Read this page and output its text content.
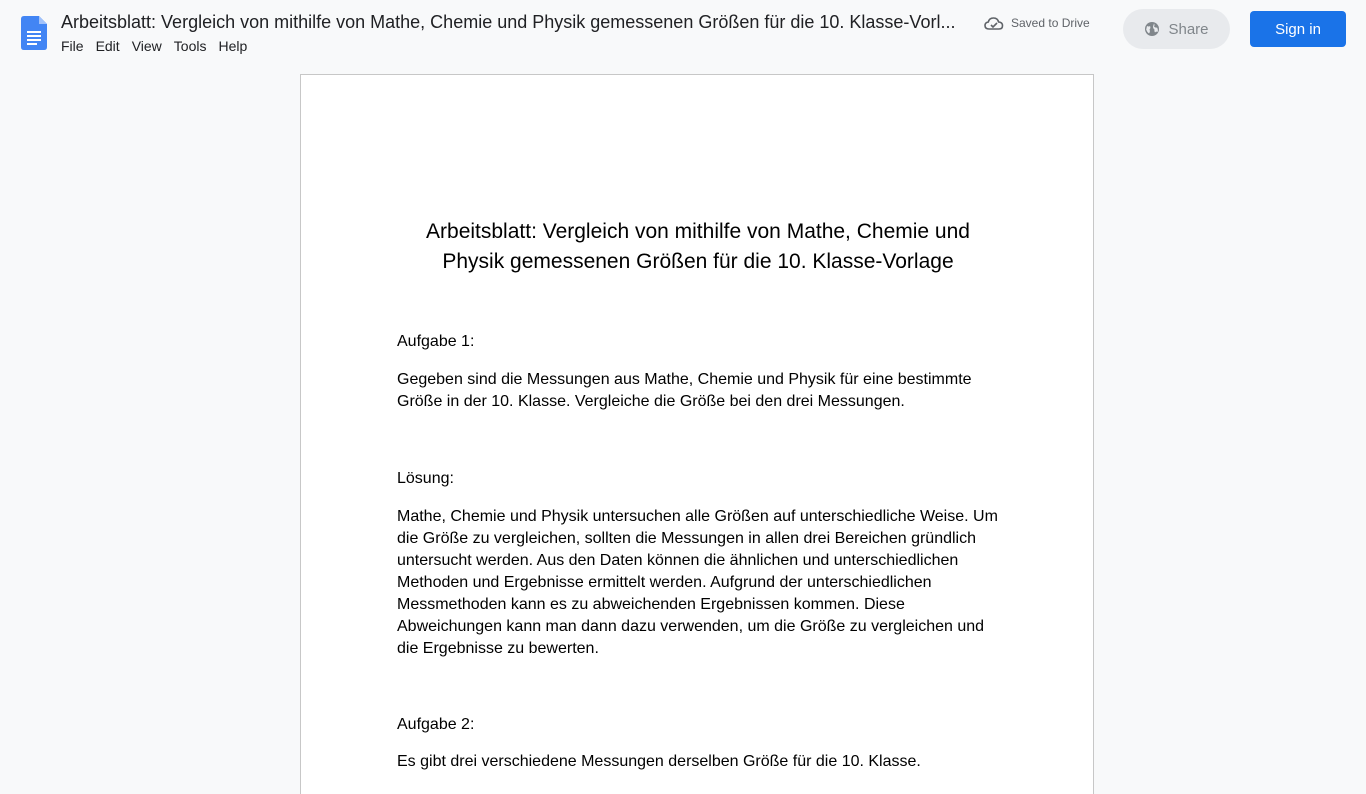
Arbeitsblatt: Vergleich von mithilfe von Mathe, Chemie und Physik gemessenen Größen für die 10. Klasse-Vorl...
File Edit View Tools Help
Saved to Drive	Share	Sign in
Arbeitsblatt: Vergleich von mithilfe von Mathe, Chemie und
Physik gemessenen Größen für die 10. Klasse-Vorlage
Aufgabe 1:
Gegeben sind die Messungen aus Mathe, Chemie und Physik für eine bestimmte Größe in der 10. Klasse. Vergleiche die Größe bei den drei Messungen.
Lösung:
Mathe, Chemie und Physik untersuchen alle Größen auf unterschiedliche Weise. Um die Größe zu vergleichen, sollten die Messungen in allen drei Bereichen gründlich untersucht werden. Aus den Daten können die ähnlichen und unterschiedlichen Methoden und Ergebnisse ermittelt werden. Aufgrund der unterschiedlichen Messmethoden kann es zu abweichenden Ergebnissen kommen. Diese Abweichungen kann man dann dazu verwenden, um die Größe zu vergleichen und die Ergebnisse zu bewerten.
Aufgabe 2:
Es gibt drei verschiedene Messungen derselben Größe für die 10. Klasse.
